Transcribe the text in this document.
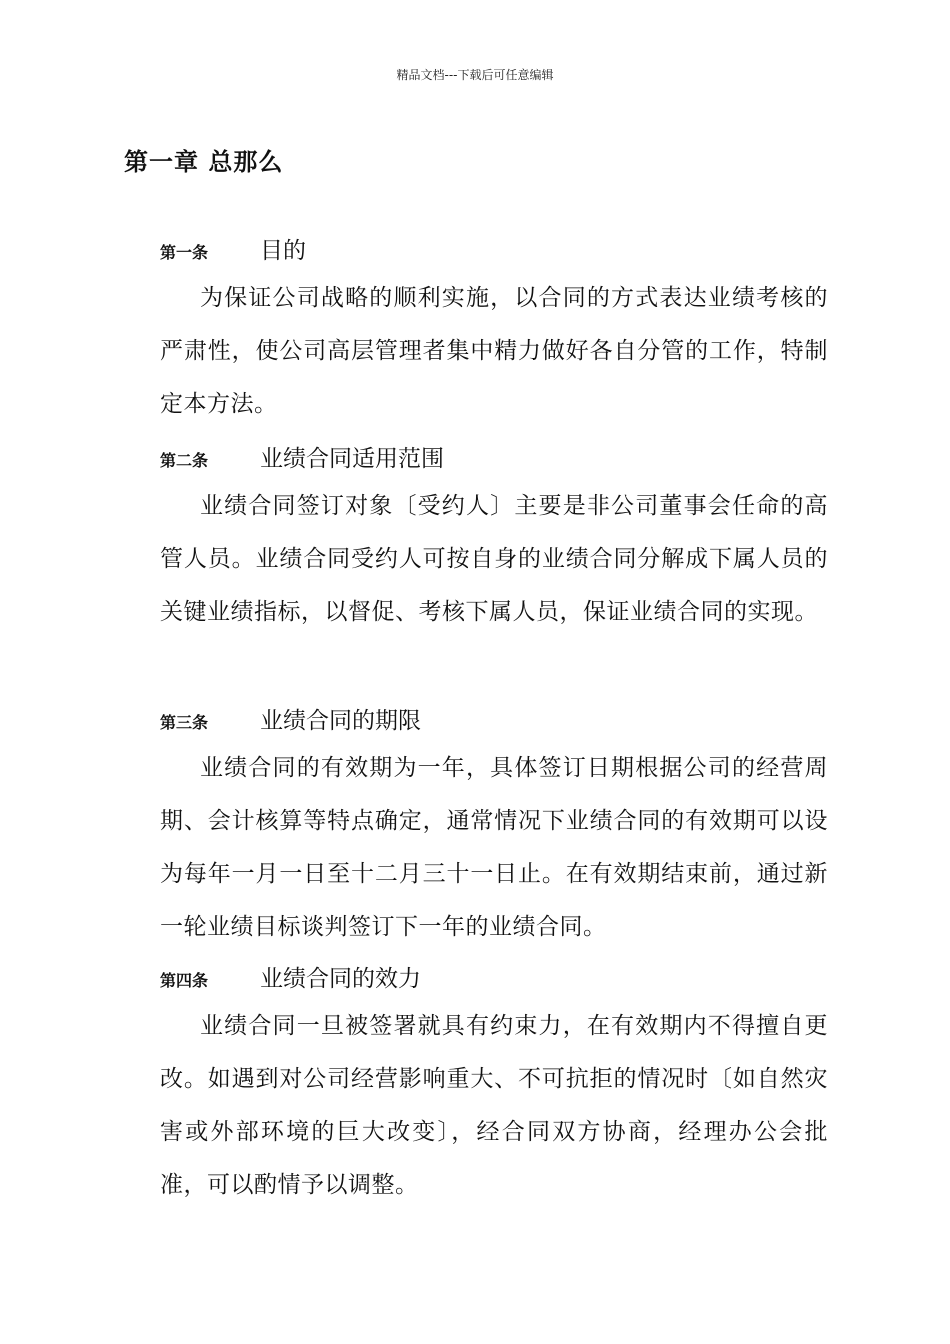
精品文档---下载后可任意编辑
第一章 总那么
第一条	目的

为保证公司战略的顺利实施，以合同的方式表达业绩考核的严肃性，使公司高层管理者集中精力做好各自分管的工作，特制定本方法。

第二条	业绩合同适用范围

业绩合同签订对象〔受约人〕主要是非公司董事会任命的高管人员。业绩合同受约人可按自身的业绩合同分解成下属人员的关键业绩指标，以督促、考核下属人员，保证业绩合同的实现。

第三条	业绩合同的期限

业绩合同的有效期为一年，具体签订日期根据公司的经营周期、会计核算等特点确定，通常情况下业绩合同的有效期可以设为每年一月一日至十二月三十一日止。在有效期结束前，通过新一轮业绩目标谈判签订下一年的业绩合同。

第四条	业绩合同的效力

业绩合同一旦被签署就具有约束力，在有效期内不得擅自更改。如遇到对公司经营影响重大、不可抗拒的情况时〔如自然灾害或外部环境的巨大改变〕，经合同双方协商，经理办公会批准，可以酌情予以调整。
